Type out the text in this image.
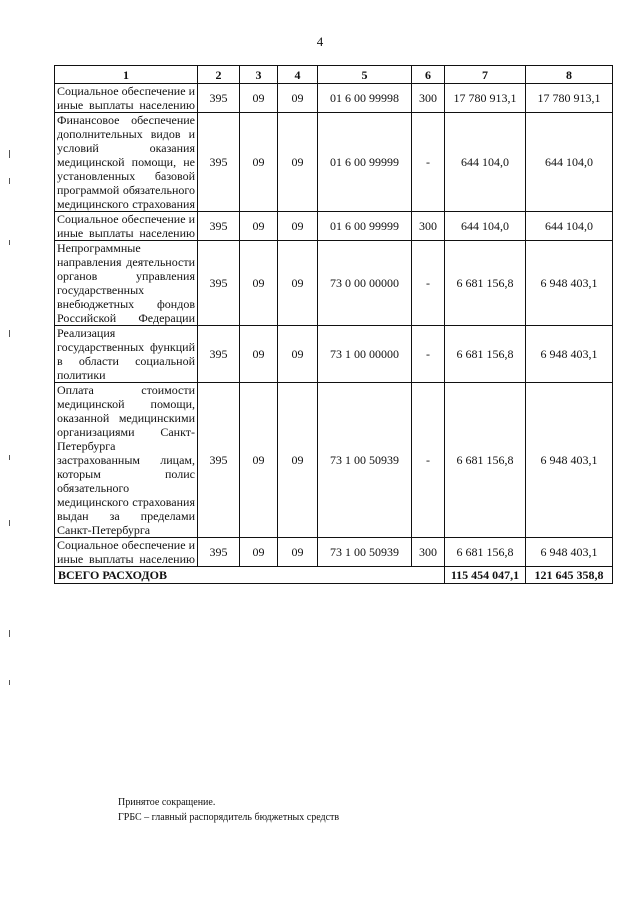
4
1	2	3	4	5	6	7	8
Социальное обеспечение и иные выплаты населению	395	09	09	01 6 00 99998	300	17 780 913,1	17 780 913,1
Финансовое обеспечение дополнительных видов и условий оказания медицинской помощи, не установленных базовой программой обязательного медицинского страхования	395	09	09	01 6 00 99999	-	644 104,0	644 104,0
Социальное обеспечение и иные выплаты населению	395	09	09	01 6 00 99999	300	644 104,0	644 104,0
Непрограммные направления деятельности органов управления государственных внебюджетных фондов Российской Федерации	395	09	09	73 0 00 00000	-	6 681 156,8	6 948 403,1
Реализация государственных функций в области социальной политики	395	09	09	73 1 00 00000	-	6 681 156,8	6 948 403,1
Оплата стоимости медицинской помощи, оказанной медицинскими организациями Санкт-Петербурга застрахованным лицам, которым полис обязательного медицинского страхования выдан за пределами Санкт-Петербурга	395	09	09	73 1 00 50939	-	6 681 156,8	6 948 403,1
Социальное обеспечение и иные выплаты населению	395	09	09	73 1 00 50939	300	6 681 156,8	6 948 403,1
ВСЕГО РАСХОДОВ						115 454 047,1	121 645 358,8
Принятое сокращение.
ГРБС – главный распорядитель бюджетных средств
